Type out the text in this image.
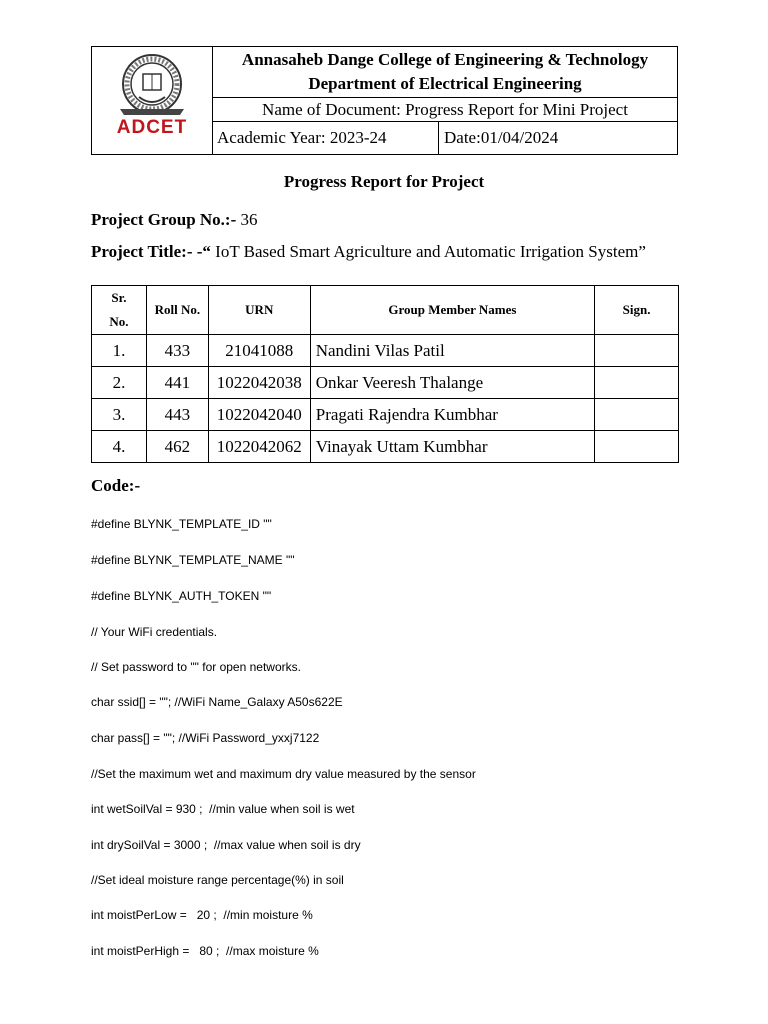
ADCET
Annasaheb Dange College of Engineering & Technology
Department of Electrical Engineering
Name of Document: Progress Report for Mini Project
Academic Year: 2023-24	Date:01/04/2024
Progress Report for Project
Project Group No.:- 36
Project Title:- -“ IoT Based Smart Agriculture and Automatic Irrigation System”
Sr.
No.	Roll No.	URN	Group Member Names	Sign.
1.	433	21041088	Nandini Vilas Patil	
2.	441	1022042038	Onkar Veeresh Thalange	
3.	443	1022042040	Pragati Rajendra Kumbhar	
4.	462	1022042062	Vinayak Uttam Kumbhar	
Code:-
#define BLYNK_TEMPLATE_ID ""
#define BLYNK_TEMPLATE_NAME ""
#define BLYNK_AUTH_TOKEN ""
// Your WiFi credentials.
// Set password to "" for open networks.
char ssid[] = ""; //WiFi Name_Galaxy A50s622E
char pass[] = ""; //WiFi Password_yxxj7122
//Set the maximum wet and maximum dry value measured by the sensor
int wetSoilVal = 930 ;  //min value when soil is wet
int drySoilVal = 3000 ;  //max value when soil is dry
//Set ideal moisture range percentage(%) in soil
int moistPerLow =   20 ;  //min moisture %
int moistPerHigh =   80 ;  //max moisture %
